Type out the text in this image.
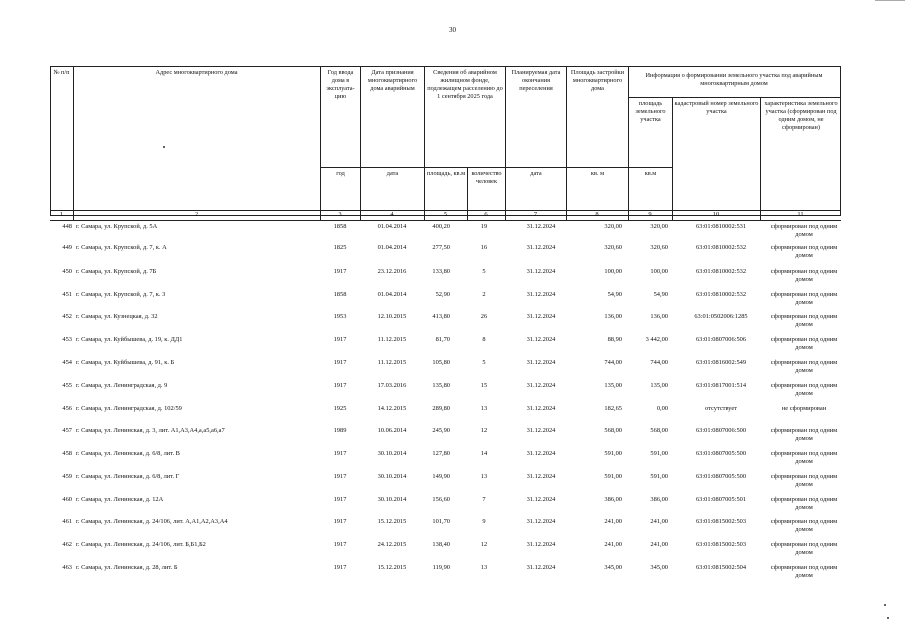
30
№ п/п	Адрес многоквартирного дома	Год ввода дома в эксплуата-цию
Дата признания многоквартирного дома аварийным
Сведения об аварийном жилищном фонде, подлежащем расселению до 1 сентября 2025 года
Планируемая дата окончания переселения
Площадь застройки многоквартирного дома
Информация о формировании земельного участка под аварийным многоквартирным домом
площадь земельного участка
кадастровый номер земельного участка
характеристика земельного участка (сформирован под одним домом, не сформирован)
год	дата	площадь, кв.м	количество человек
дата	кв. м	кв.м
1	2	3	4	5	6	7	8	9	10	11
448 г. Самара, ул. Крупской, д. 5А	1858	01.04.2014	400,20	19	31.12.2024	320,00	320,00	63:01:0810002:531	сформирован под одним домом
449 г. Самара, ул. Крупской, д. 7, к. А	1825	01.04.2014	277,50	16	31.12.2024	320,60	320,60	63:01:0810002:532	сформирован под одним домом
450 г. Самара, ул. Крупской, д. 7Б	1917	23.12.2016	133,80	5	31.12.2024	100,00	100,00	63:01:0810002:532	сформирован под одним домом
451 г. Самара, ул. Крупской, д. 7, к. 3	1858	01.04.2014	52,90	2	31.12.2024	54,90	54,90	63:01:0810002:532	сформирован под одним домом
452 г. Самара, ул. Кузнецкая, д. 32	1953	12.10.2015	413,80	26	31.12.2024	136,00	136,00	63:01:0502006:1285	сформирован под одним домом
453 г. Самара, ул. Куйбышева, д. 19, к. ДД1	1917	11.12.2015	81,70	8	31.12.2024	88,90	3 442,00	63:01:0807006:506	сформирован под одним домом
454 г. Самара, ул. Куйбышева, д. 91, к. Б	1917	11.12.2015	105,80	5	31.12.2024	744,00	744,00	63:01:0816002:549	сформирован под одним домом
455 г. Самара, ул. Ленинградская, д. 9	1917	17.03.2016	135,80	15	31.12.2024	135,00	135,00	63:01:0817001:514	сформирован под одним домом
456 г. Самара, ул. Ленинградская, д. 102/59	1925	14.12.2015	289,80	13	31.12.2024	182,65	0,00	отсутствует	не сформирован
457 г. Самара, ул. Ленинская, д. 3, лит. А1,А3,А4,а,а5,а6,а7	1989	10.06.2014	245,90	12	31.12.2024	568,00	568,00	63:01:0807006:500	сформирован под одним домом
458 г. Самара, ул. Ленинская, д. 6/8, лит. В	1917	30.10.2014	127,80	14	31.12.2024	591,00	591,00	63:01:0807005:500	сформирован под одним домом
459 г. Самара, ул. Ленинская, д. 6/8, лит. Г	1917	30.10.2014	149,90	13	31.12.2024	591,00	591,00	63:01:0807005:500	сформирован под одним домом
460 г. Самара, ул. Ленинская, д. 12А	1917	30.10.2014	156,60	7	31.12.2024	386,00	386,00	63:01:0807005:501	сформирован под одним домом
461 г. Самара, ул. Ленинская, д. 24/106, лит. А,А1,А2,А3,А4	1917	15.12.2015	101,70	9	31.12.2024	241,00	241,00	63:01:0815002:503	сформирован под одним домом
462 г. Самара, ул. Ленинская, д. 24/106, лит. Б,Б1,Б2	1917	24.12.2015	138,40	12	31.12.2024	241,00	241,00	63:01:0815002:503	сформирован под одним домом
463 г. Самара, ул. Ленинская, д. 28, лит. Б	1917	15.12.2015	119,90	13	31.12.2024	345,00	345,00	63:01:0815002:504	сформирован под одним домом
